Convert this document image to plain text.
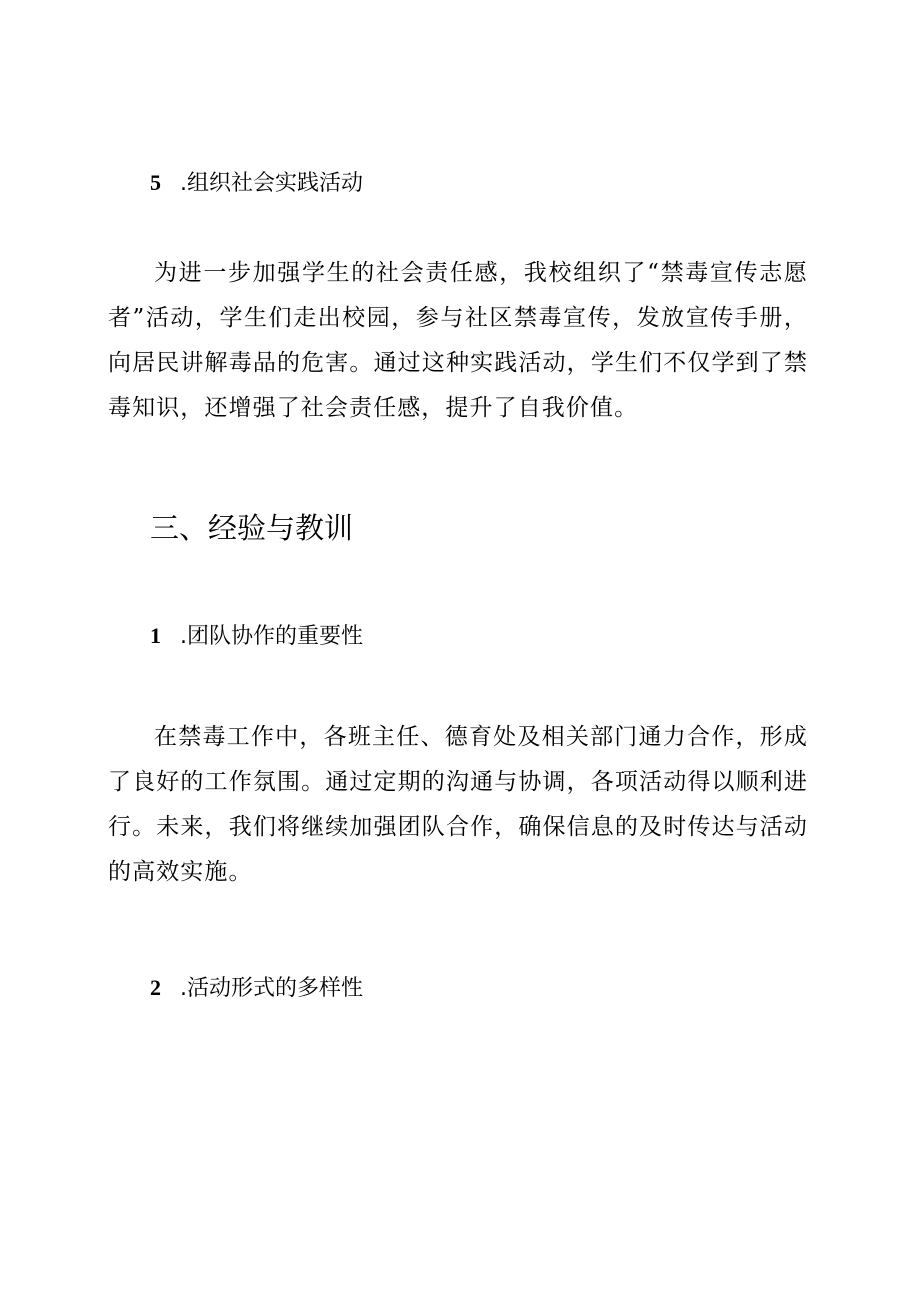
5 .组织社会实践活动

为进一步加强学生的社会责任感，我校组织了“禁毒宣传志愿者”活动，学生们走出校园，参与社区禁毒宣传，发放宣传手册，向居民讲解毒品的危害。通过这种实践活动，学生们不仅学到了禁毒知识，还增强了社会责任感，提升了自我价值。

三、经验与教训
1 .团队协作的重要性

在禁毒工作中，各班主任、德育处及相关部门通力合作，形成了良好的工作氛围。通过定期的沟通与协调，各项活动得以顺利进行。未来，我们将继续加强团队合作，确保信息的及时传达与活动的高效实施。

2 .活动形式的多样性
